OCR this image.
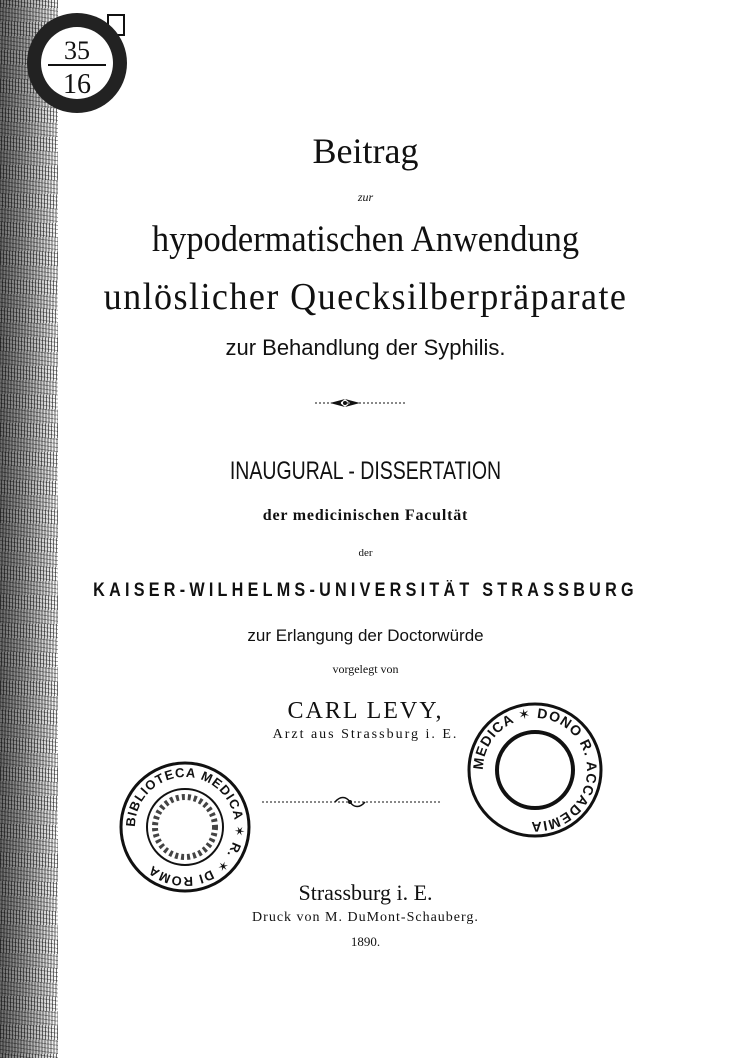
35
16
Beitrag
zur
hypodermatischen Anwendung
unlöslicher Quecksilberpräparate
zur Behandlung der Syphilis.
INAUGURAL - DISSERTATION
der medicinischen Facultät
der
KAISER-WILHELMS-UNIVERSITÄT STRASSBURG
zur Erlangung der Doctorwürde
vorgelegt von
CARL LEVY,
Arzt aus Strassburg i. E.
BIBLIOTECA MEDICA ✶ R. ✶ DI ROMA
MEDICA ✶ DONO R. ACCADEMIA
Strassburg i. E.
Druck von M. DuMont-Schauberg.
1890.
